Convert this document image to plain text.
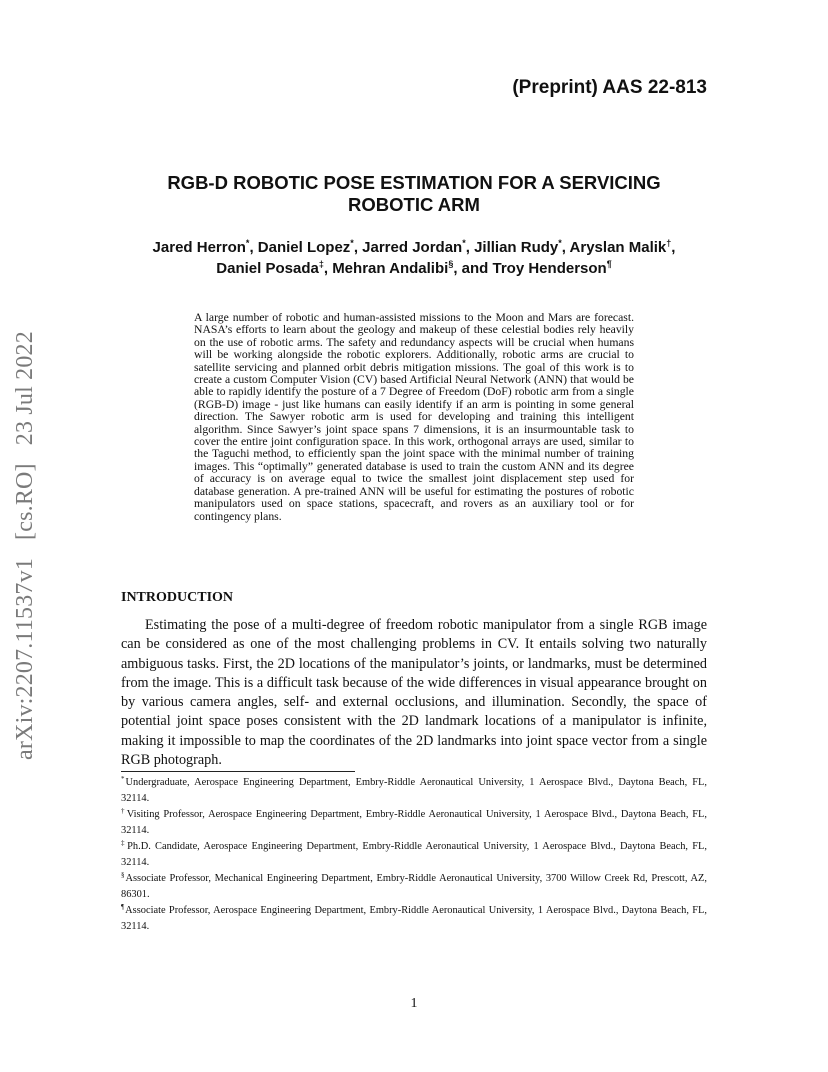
(Preprint) AAS 22-813
RGB-D ROBOTIC POSE ESTIMATION FOR A SERVICING
ROBOTIC ARM
Jared Herron*, Daniel Lopez*, Jarred Jordan*, Jillian Rudy*, Aryslan Malik†,
Daniel Posada‡, Mehran Andalibi§, and Troy Henderson¶
arXiv:2207.11537v1[cs.RO]23 Jul 2022
A large number of robotic and human-assisted missions to the Moon and Mars are forecast. NASA’s efforts to learn about the geology and makeup of these celestial bodies rely heavily on the use of robotic arms. The safety and redundancy aspects will be crucial when humans will be working alongside the robotic explorers. Additionally, robotic arms are crucial to satellite servicing and planned orbit debris mitigation missions. The goal of this work is to create a custom Computer Vision (CV) based Artificial Neural Network (ANN) that would be able to rapidly identify the posture of a 7 Degree of Freedom (DoF) robotic arm from a single (RGB-D) image - just like humans can easily identify if an arm is pointing in some general direction. The Sawyer robotic arm is used for developing and training this intelligent algorithm. Since Sawyer’s joint space spans 7 dimensions, it is an insurmountable task to cover the entire joint configuration space. In this work, orthogonal arrays are used, similar to the Taguchi method, to efficiently span the joint space with the minimal number of training images. This “optimally” generated database is used to train the custom ANN and its degree of accuracy is on average equal to twice the smallest joint displacement step used for database generation. A pre-trained ANN will be useful for estimating the postures of robotic manipulators used on space stations, spacecraft, and rovers as an auxiliary tool or for contingency plans.
INTRODUCTION
Estimating the pose of a multi-degree of freedom robotic manipulator from a single RGB image can be considered as one of the most challenging problems in CV. It entails solving two naturally ambiguous tasks. First, the 2D locations of the manipulator’s joints, or landmarks, must be determined from the image. This is a difficult task because of the wide differences in visual appearance brought on by various camera angles, self- and external occlusions, and illumination. Secondly, the space of potential joint space poses consistent with the 2D landmark locations of a manipulator is infinite, making it impossible to map the coordinates of the 2D landmarks into joint space vector from a single RGB photograph.
*Undergraduate, Aerospace Engineering Department, Embry-Riddle Aeronautical University, 1 Aerospace Blvd., Daytona Beach, FL, 32114.
†Visiting Professor, Aerospace Engineering Department, Embry-Riddle Aeronautical University, 1 Aerospace Blvd., Daytona Beach, FL, 32114.
‡Ph.D. Candidate, Aerospace Engineering Department, Embry-Riddle Aeronautical University, 1 Aerospace Blvd., Daytona Beach, FL, 32114.
§Associate Professor, Mechanical Engineering Department, Embry-Riddle Aeronautical University, 3700 Willow Creek Rd, Prescott, AZ, 86301.
¶Associate Professor, Aerospace Engineering Department, Embry-Riddle Aeronautical University, 1 Aerospace Blvd., Daytona Beach, FL, 32114.
1
